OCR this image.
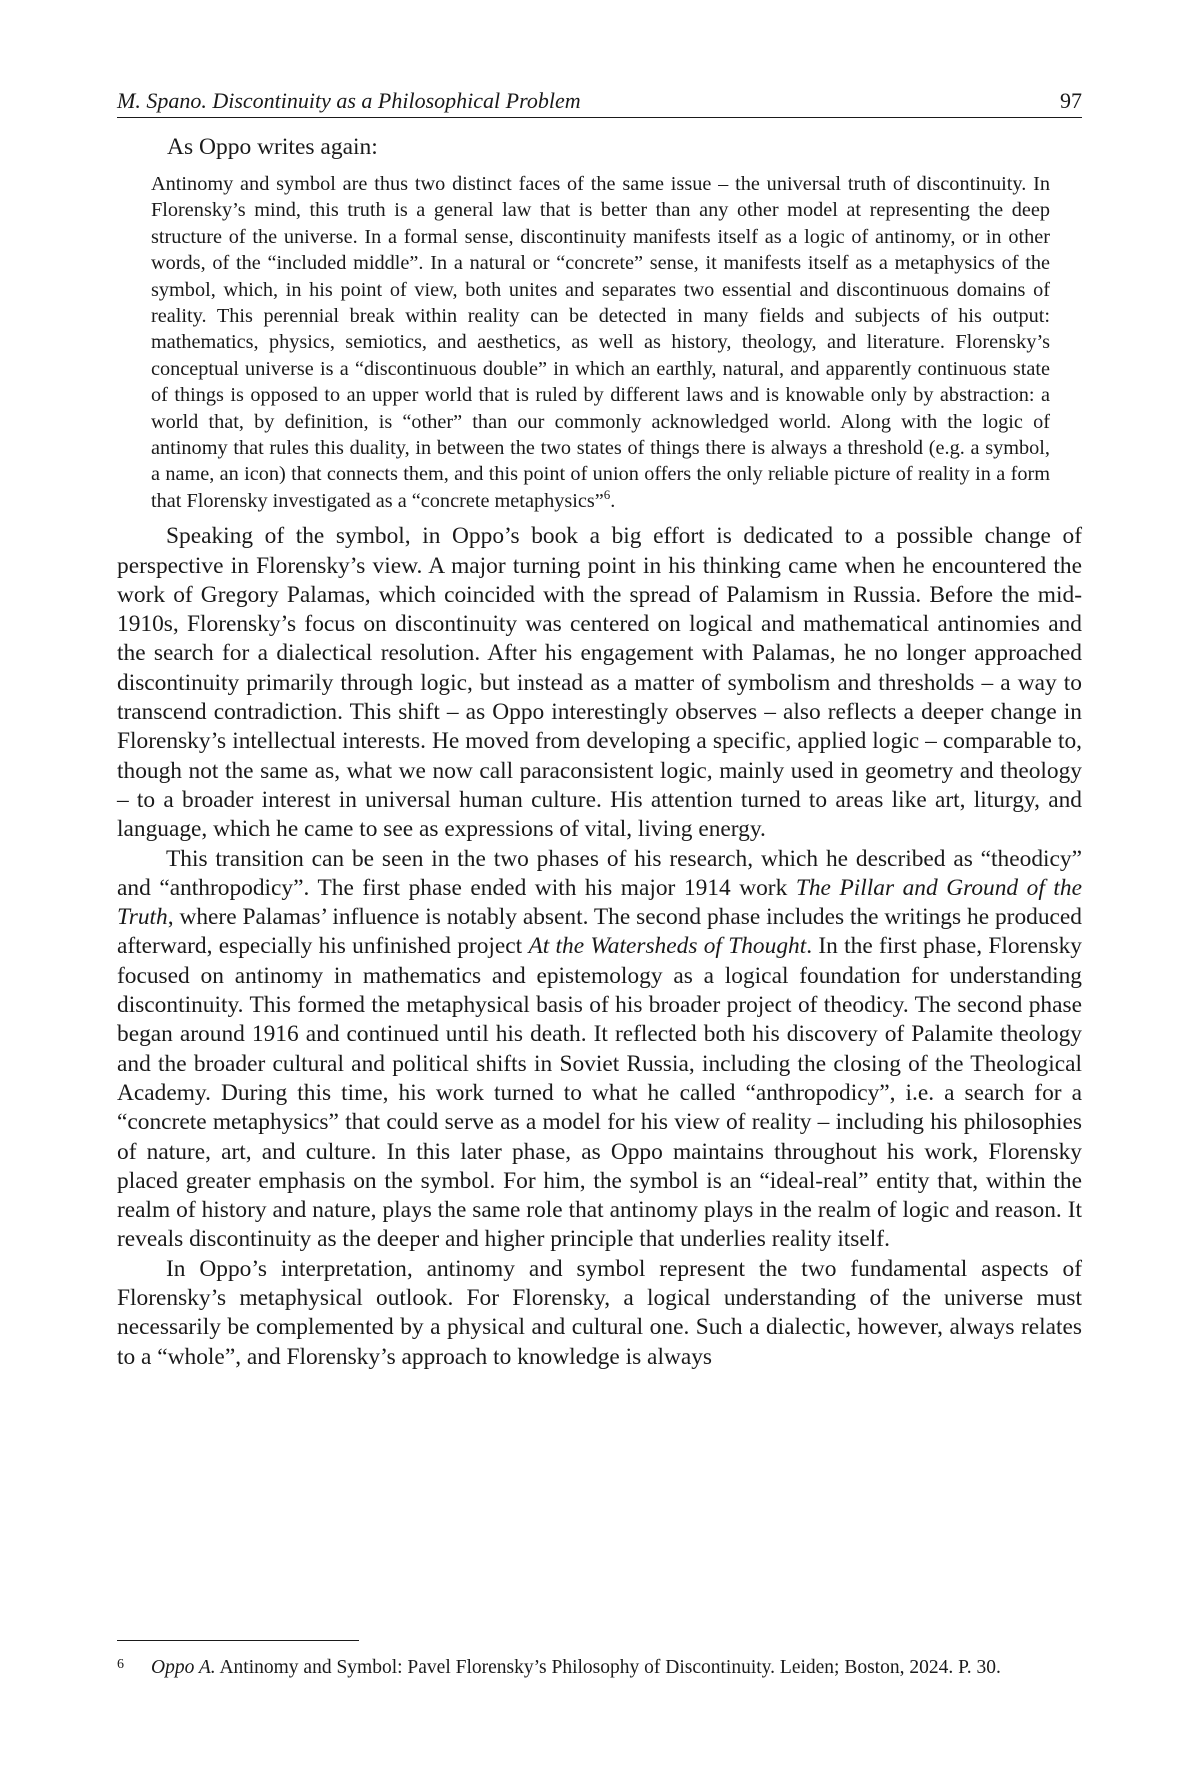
M. Spano. Discontinuity as a Philosophical Problem	97

As Oppo writes again:

Antinomy and symbol are thus two distinct faces of the same issue – the universal truth of discontinuity. In Florensky’s mind, this truth is a general law that is better than any other model at representing the deep structure of the universe. In a formal sense, discontinuity manifests itself as a logic of antinomy, or in other words, of the “included middle”. In a natural or “concrete” sense, it manifests itself as a metaphysics of the symbol, which, in his point of view, both unites and separates two essential and discontinuous domains of reality. This perennial break within reality can be detected in many fields and subjects of his output: mathematics, physics, semiotics, and aesthetics, as well as history, theology, and literature. Florensky’s conceptual universe is a “discontinuous double” in which an earthly, natural, and apparently continuous state of things is opposed to an upper world that is ruled by different laws and is knowable only by abstraction: a world that, by definition, is “other” than our commonly acknowledged world. Along with the logic of antinomy that rules this duality, in between the two states of things there is always a threshold (e.g. a symbol, a name, an icon) that connects them, and this point of union offers the only reliable picture of reality in a form that Florensky investigated as a “concrete metaphysics”$^6$.

Speaking of the symbol, in Oppo’s book a big effort is dedicated to a possible change of perspective in Florensky’s view. A major turning point in his thinking came when he encountered the work of Gregory Palamas, which coincided with the spread of Palamism in Russia. Before the mid-1910s, Florensky’s focus on discontinuity was centered on logical and mathematical antinomies and the search for a dialectical resolution. After his engagement with Palamas, he no longer approached discontinuity primarily through logic, but instead as a matter of symbolism and thresholds – a way to transcend contradiction. This shift – as Oppo interestingly observes – also reflects a deeper change in Florensky’s intellectual interests. He moved from developing a specific, applied logic – comparable to, though not the same as, what we now call paraconsistent logic, mainly used in geometry and theology – to a broader interest in universal human culture. His attention turned to areas like art, liturgy, and language, which he came to see as expressions of vital, living energy.

This transition can be seen in the two phases of his research, which he described as “theodicy” and “anthropodicy”. The first phase ended with his major 1914 work The Pillar and Ground of the Truth, where Palamas’ influence is notably absent. The second phase includes the writings he produced afterward, especially his unfinished project At the Watersheds of Thought. In the first phase, Florensky focused on antinomy in mathematics and epistemology as a logical foundation for understanding discontinuity. This formed the metaphysical basis of his broader project of theodicy. The second phase began around 1916 and continued until his death. It reflected both his discovery of Palamite theology and the broader cultural and political shifts in Soviet Russia, including the closing of the Theological Academy. During this time, his work turned to what he called “anthropodicy”, i.e. a search for a “concrete metaphysics” that could serve as a model for his view of reality – including his philosophies of nature, art, and culture. In this later phase, as Oppo maintains throughout his work, Florensky placed greater emphasis on the symbol. For him, the symbol is an “ideal-real” entity that, within the realm of history and nature, plays the same role that antinomy plays in the realm of logic and reason. It reveals discontinuity as the deeper and higher principle that underlies reality itself.

In Oppo’s interpretation, antinomy and symbol represent the two fundamental aspects of Florensky’s metaphysical outlook. For Florensky, a logical understanding of the universe must necessarily be complemented by a physical and cultural one. Such a dialectic, however, always relates to a “whole”, and Florensky’s approach to knowledge is always

6 Oppo A. Antinomy and Symbol: Pavel Florensky’s Philosophy of Discontinuity. Leiden; Boston, 2024. P. 30.
